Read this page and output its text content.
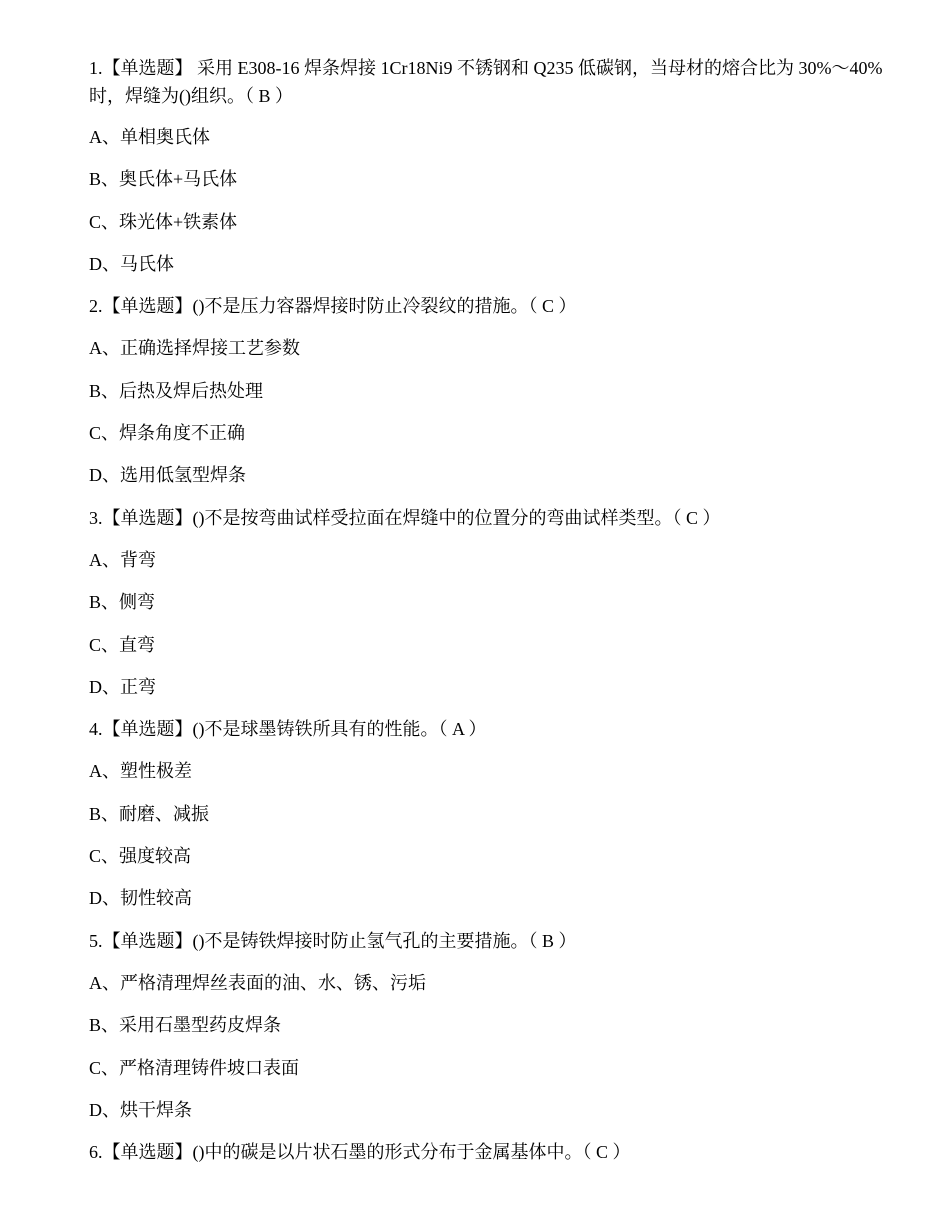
1.【单选题】 采用 E308-16 焊条焊接 1Cr18Ni9 不锈钢和 Q235 低碳钢，当母材的熔合比为 30%～40%时，焊缝为()组织。（ B ）
A、单相奥氏体
B、奥氏体+马氏体
C、珠光体+铁素体
D、马氏体
2.【单选题】()不是压力容器焊接时防止冷裂纹的措施。（ C ）
A、正确选择焊接工艺参数
B、后热及焊后热处理
C、焊条角度不正确
D、选用低氢型焊条
3.【单选题】()不是按弯曲试样受拉面在焊缝中的位置分的弯曲试样类型。（ C ）
A、背弯
B、侧弯
C、直弯
D、正弯
4.【单选题】()不是球墨铸铁所具有的性能。（ A ）
A、塑性极差
B、耐磨、减振
C、强度较高
D、韧性较高
5.【单选题】()不是铸铁焊接时防止氢气孔的主要措施。（ B ）
A、严格清理焊丝表面的油、水、锈、污垢
B、采用石墨型药皮焊条
C、严格清理铸件坡口表面
D、烘干焊条
6.【单选题】()中的碳是以片状石墨的形式分布于金属基体中。（ C ）
